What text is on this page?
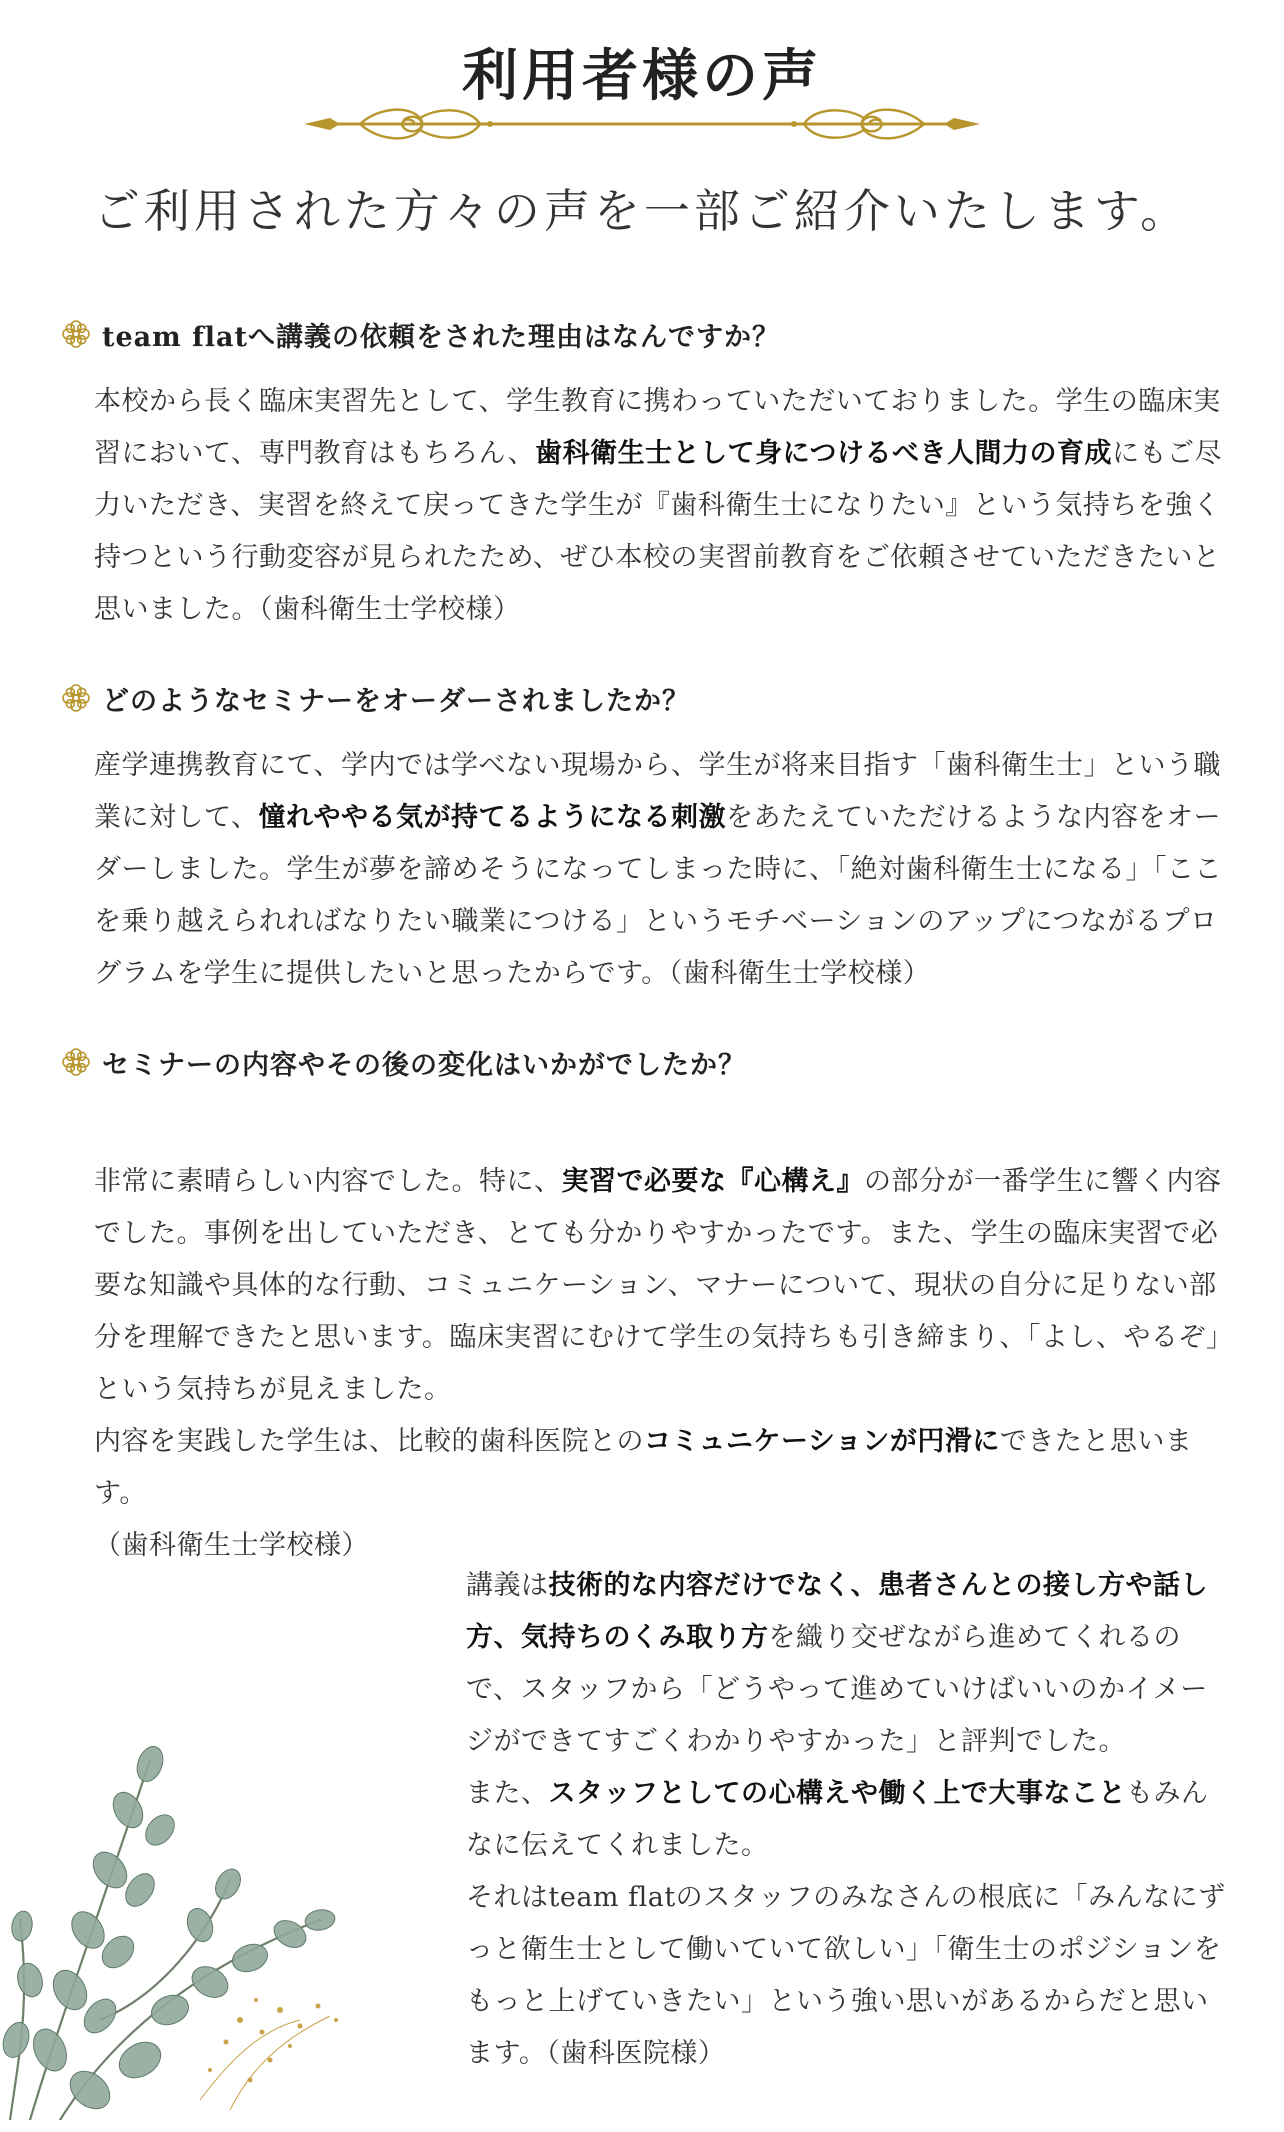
利用者様の声

ご利用された方々の声を一部ご紹介いたします。

team flatへ講義の依頼をされた理由はなんですか？

本校から長く臨床実習先として、学生教育に携わっていただいておりました。学生の臨床実習において、専門教育はもちろん、歯科衛生士として身につけるべき人間力の育成にもご尽力いただき、実習を終えて戻ってきた学生が『歯科衛生士になりたい』という気持ちを強く持つという行動変容が見られたため、ぜひ本校の実習前教育をご依頼させていただきたいと思いました。（歯科衛生士学校様）

どのようなセミナーをオーダーされましたか？

産学連携教育にて、学内では学べない現場から、学生が将来目指す「歯科衛生士」という職業に対して、憧れややる気が持てるようになる刺激をあたえていただけるような内容をオーダーしました。学生が夢を諦めそうになってしまった時に、「絶対歯科衛生士になる」「ここを乗り越えられればなりたい職業につける」というモチベーションのアップにつながるプログラムを学生に提供したいと思ったからです。（歯科衛生士学校様）

セミナーの内容やその後の変化はいかがでしたか？

非常に素晴らしい内容でした。特に、実習で必要な『心構え』の部分が一番学生に響く内容でした。事例を出していただき、とても分かりやすかったです。また、学生の臨床実習で必要な知識や具体的な行動、コミュニケーション、マナーについて、現状の自分に足りない部分を理解できたと思います。臨床実習にむけて学生の気持ちも引き締まり、「よし、やるぞ」という気持ちが見えました。
内容を実践した学生は、比較的歯科医院とのコミュニケーションが円滑にできたと思います。
（歯科衛生士学校様）

講義は技術的な内容だけでなく、患者さんとの接し方や話し方、気持ちのくみ取り方を織り交ぜながら進めてくれるので、スタッフから「どうやって進めていけばいいのかイメージができてすごくわかりやすかった」と評判でした。
また、スタッフとしての心構えや働く上で大事なこともみんなに伝えてくれました。
それはteam flatのスタッフのみなさんの根底に「みんなにずっと衛生士として働いていて欲しい」「衛生士のポジションをもっと上げていきたい」という強い思いがあるからだと思います。（歯科医院様）
